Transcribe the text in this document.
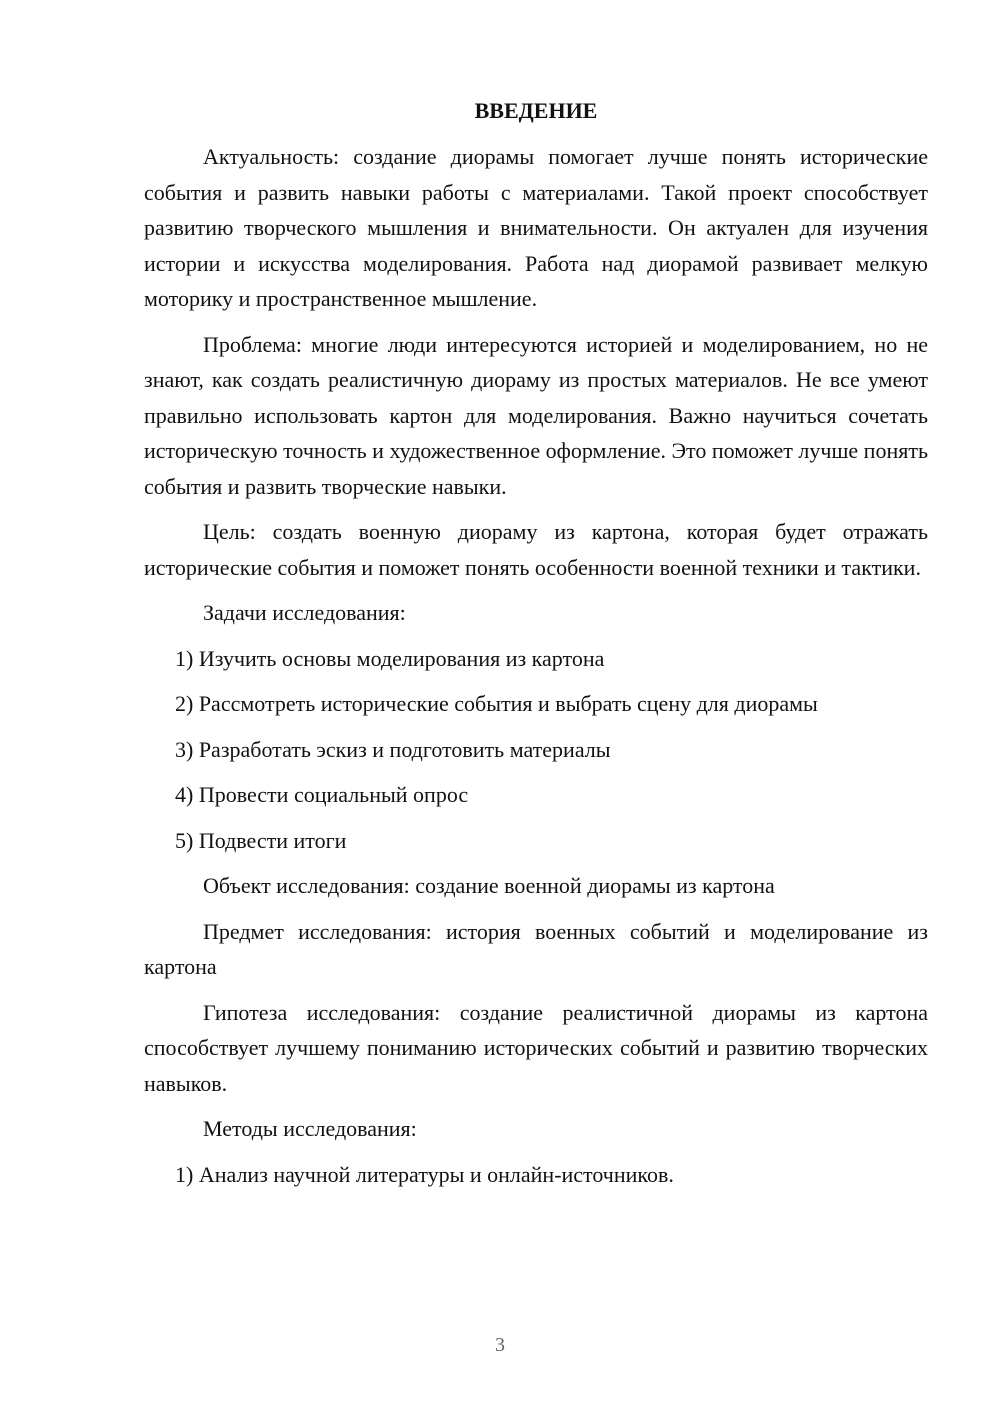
ВВЕДЕНИЕ

Актуальность: создание диорамы помогает лучше понять исторические события и развить навыки работы с материалами. Такой проект способствует развитию творческого мышления и внимательности. Он актуален для изучения истории и искусства моделирования. Работа над диорамой развивает мелкую моторику и пространственное мышление.

Проблема: многие люди интересуются историей и моделированием, но не знают, как создать реалистичную диораму из простых материалов. Не все умеют правильно использовать картон для моделирования. Важно научиться сочетать историческую точность и художественное оформление. Это поможет лучше понять события и развить творческие навыки.

Цель: создать военную диораму из картона, которая будет отражать исторические события и поможет понять особенности военной техники и тактики.

Задачи исследования:

1) Изучить основы моделирования из картона

2) Рассмотреть исторические события и выбрать сцену для диорамы

3) Разработать эскиз и подготовить материалы

4) Провести социальный опрос

5) Подвести итоги

Объект исследования: создание военной диорамы из картона

Предмет исследования: история военных событий и моделирование из картона

Гипотеза исследования: создание реалистичной диорамы из картона способствует лучшему пониманию исторических событий и развитию творческих навыков.

Методы исследования:

1) Анализ научной литературы и онлайн-источников.

3
